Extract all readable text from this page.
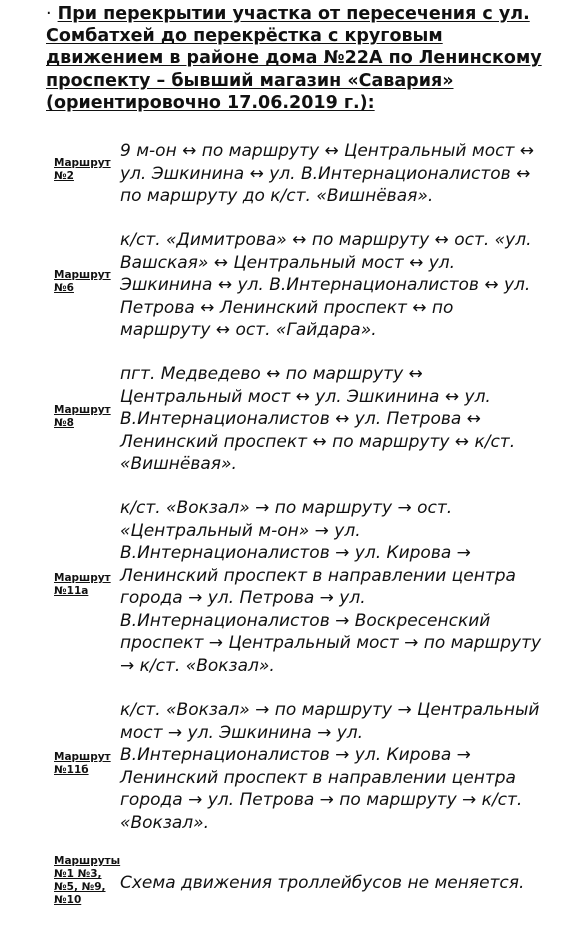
· При перекрытии участка от пересечения с ул. Сомбатхей до перекрёстка с круговым движением в районе дома №22А по Ленинскому проспекту – бывший магазин «Савария» (ориентировочно 17.06.2019 г.):
Маршрут №2
9 м-он ↔ по маршруту ↔ Центральный мост ↔
ул. Эшкинина ↔ ул. В.Интернационалистов ↔
по маршруту до к/ст. «Вишнёвая».
Маршрут №6
к/ст. «Димитрова» ↔ по маршруту ↔ ост. «ул.
Вашская» ↔ Центральный мост ↔ ул.
Эшкинина ↔ ул. В.Интернационалистов ↔ ул.
Петрова ↔ Ленинский проспект ↔ по
маршруту ↔ ост. «Гайдара».
Маршрут №8
пгт. Медведево ↔ по маршруту ↔
Центральный мост ↔ ул. Эшкинина ↔ ул.
В.Интернационалистов ↔ ул. Петрова ↔
Ленинский проспект ↔ по маршруту ↔ к/ст.
«Вишнёвая».
Маршрут №11а
к/ст. «Вокзал» → по маршруту → ост.
«Центральный м-он» → ул.
В.Интернационалистов → ул. Кирова →
Ленинский проспект в направлении центра
города → ул. Петрова → ул.
В.Интернационалистов → Воскресенский
проспект → Центральный мост → по маршруту
→ к/ст. «Вокзал».
Маршрут №11б
к/ст. «Вокзал» → по маршруту → Центральный
мост → ул. Эшкинина → ул.
В.Интернационалистов → ул. Кирова →
Ленинский проспект в направлении центра
города → ул. Петрова → по маршруту → к/ст.
«Вокзал».
Маршруты №1 №3, №5, №9, №10
Схема движения троллейбусов не меняется.
